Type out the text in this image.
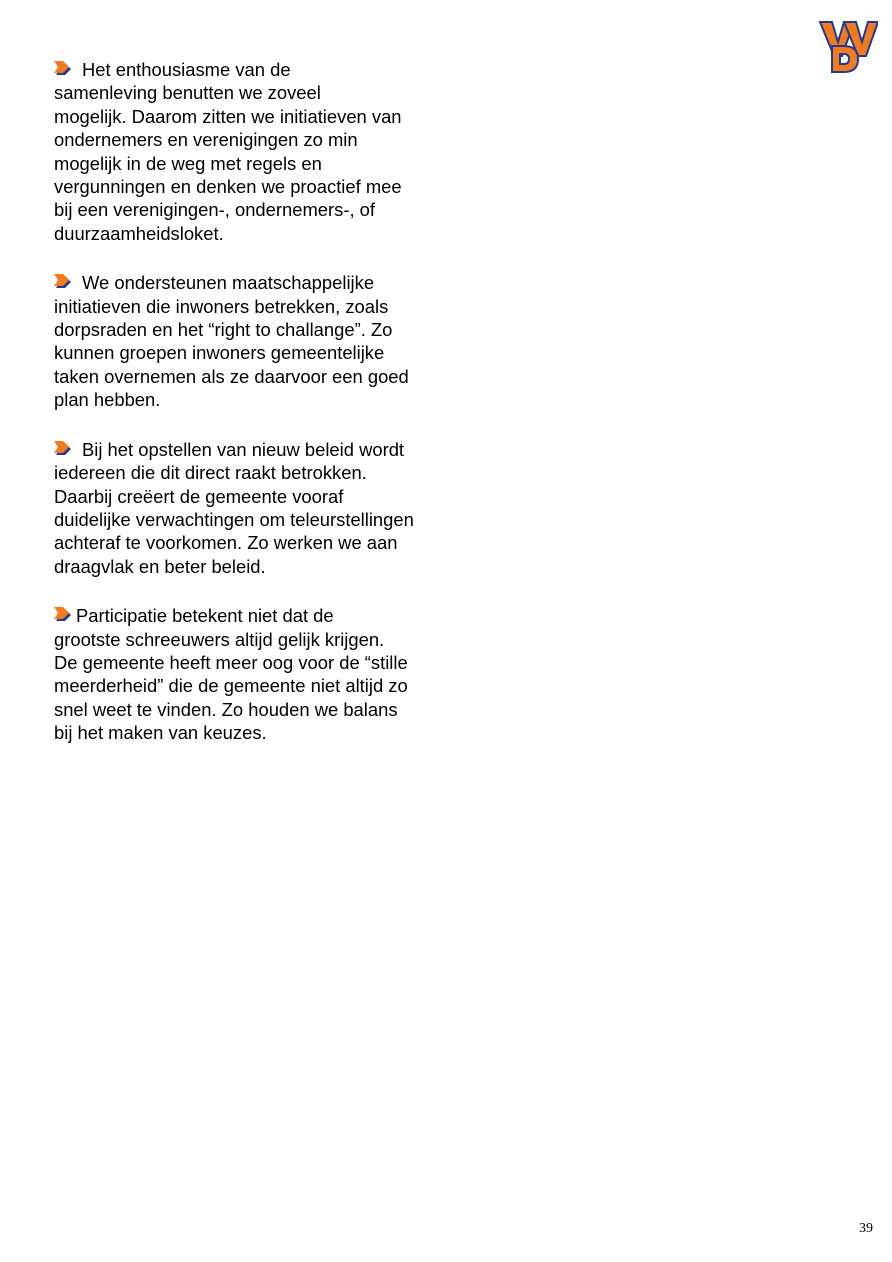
Het enthousiasme van de
samenleving benutten we zoveel
mogelijk. Daarom zitten we initiatieven van
ondernemers en verenigingen zo min
mogelijk in de weg met regels en
vergunningen en denken we proactief mee
bij een verenigingen-, ondernemers-, of
duurzaamheidsloket.

We ondersteunen maatschappelijke
initiatieven die inwoners betrekken, zoals
dorpsraden en het “right to challange”. Zo
kunnen groepen inwoners gemeentelijke
taken overnemen als ze daarvoor een goed
plan hebben.

Bij het opstellen van nieuw beleid wordt
iedereen die dit direct raakt betrokken.
Daarbij creëert de gemeente vooraf
duidelijke verwachtingen om teleurstellingen
achteraf te voorkomen. Zo werken we aan
draagvlak en beter beleid.

Participatie betekent niet dat de
grootste schreeuwers altijd gelijk krijgen.
De gemeente heeft meer oog voor de “stille
meerderheid” die de gemeente niet altijd zo
snel weet te vinden. Zo houden we balans
bij het maken van keuzes.

39
